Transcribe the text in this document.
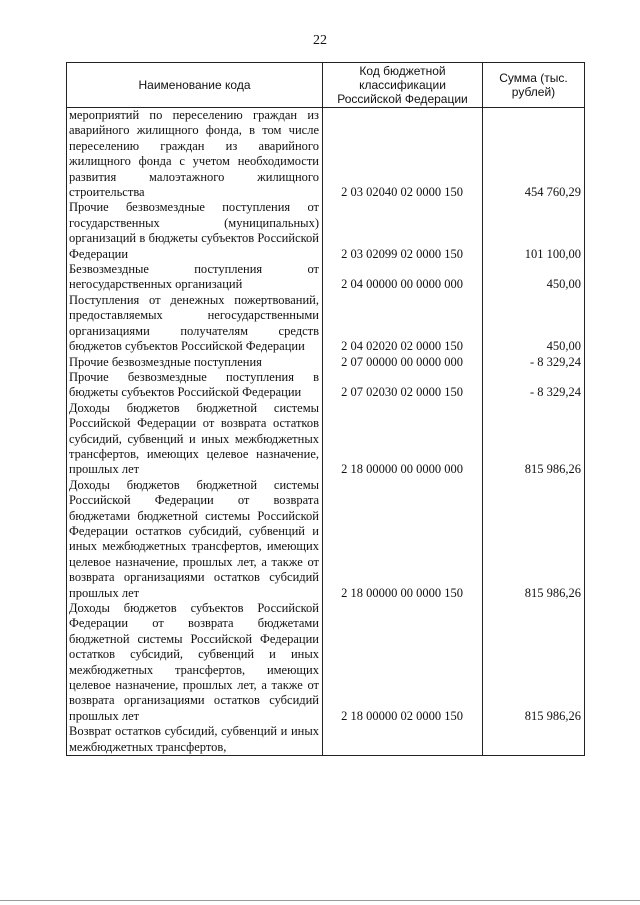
22
Наименование кода	Код бюджетной классификации Российской Федерации	Сумма (тыс. рублей)
мероприятий по переселению граждан из аварийного жилищного фонда, в том числе переселению граждан из аварийного жилищного фонда с учетом необходимости развития малоэтажного жилищного строительства	2 03 02040 02 0000 150	454 760,29
Прочие безвозмездные поступления от государственных (муниципальных) организаций в бюджеты субъектов Российской Федерации	2 03 02099 02 0000 150	101 100,00
Безвозмездные поступления от негосударственных организаций	2 04 00000 00 0000 000	450,00
Поступления от денежных пожертвований, предоставляемых негосударственными организациями получателям средств бюджетов субъектов Российской Федерации	2 04 02020 02 0000 150	450,00
Прочие безвозмездные поступления	2 07 00000 00 0000 000	- 8 329,24
Прочие безвозмездные поступления в бюджеты субъектов Российской Федерации	2 07 02030 02 0000 150	- 8 329,24
Доходы бюджетов бюджетной системы Российской Федерации от возврата остатков субсидий, субвенций и иных межбюджетных трансфертов, имеющих целевое назначение, прошлых лет	2 18 00000 00 0000 000	815 986,26
Доходы бюджетов бюджетной системы Российской Федерации от возврата бюджетами бюджетной системы Российской Федерации остатков субсидий, субвенций и иных межбюджетных трансфертов, имеющих целевое назначение, прошлых лет, а также от возврата организациями остатков субсидий прошлых лет	2 18 00000 00 0000 150	815 986,26
Доходы бюджетов субъектов Российской Федерации от возврата бюджетами бюджетной системы Российской Федерации остатков субсидий, субвенций и иных межбюджетных трансфертов, имеющих целевое назначение, прошлых лет, а также от возврата организациями остатков субсидий прошлых лет	2 18 00000 02 0000 150	815 986,26
Возврат остатков субсидий, субвенций и иных межбюджетных трансфертов,		
